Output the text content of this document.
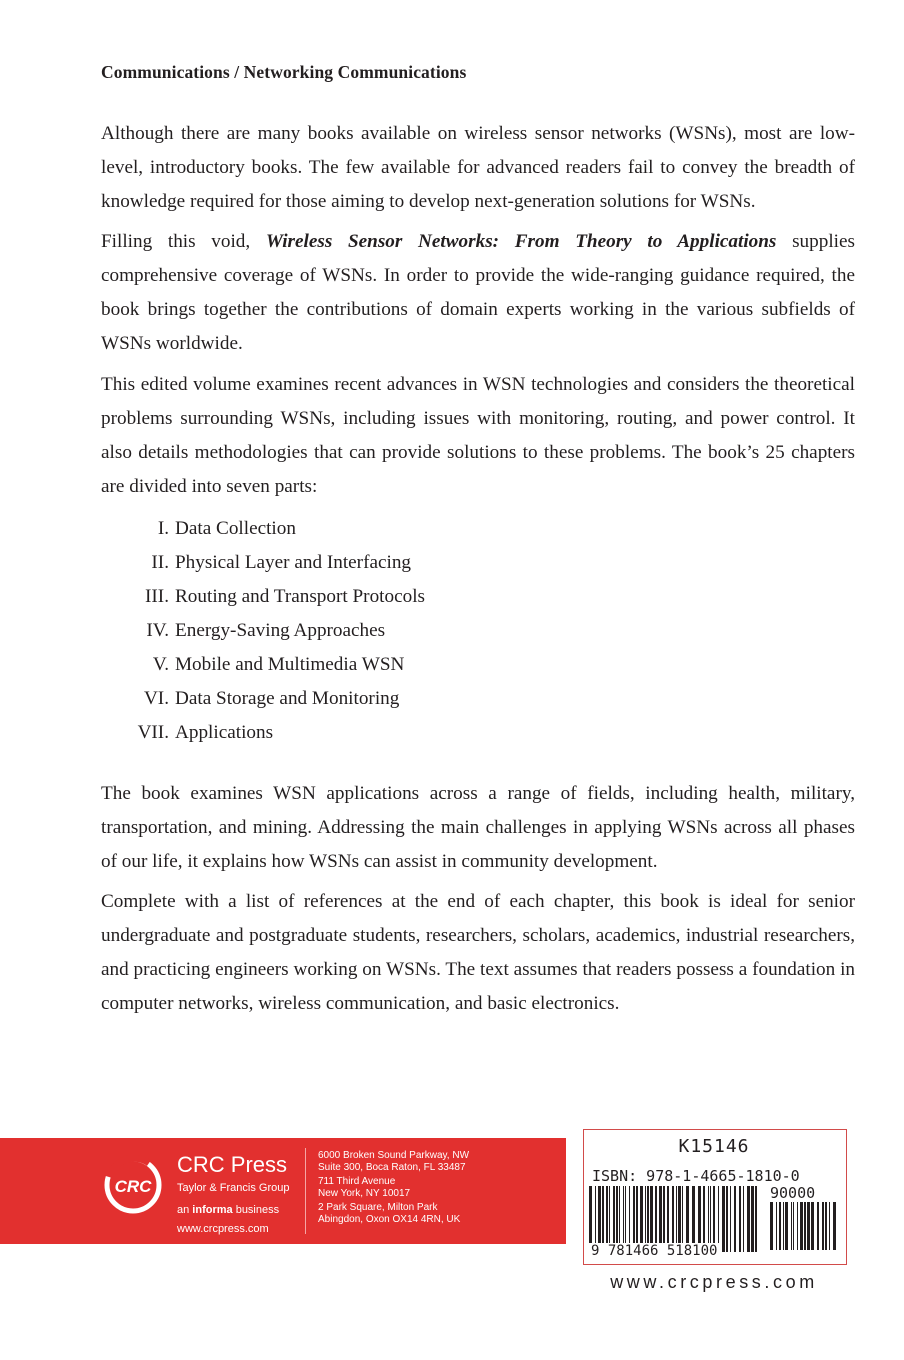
Communications / Networking Communications

Although there are many books available on wireless sensor networks (WSNs), most are low-level, introductory books. The few available for advanced readers fail to convey the breadth of knowledge required for those aiming to develop next-generation solutions for WSNs.

Filling this void, Wireless Sensor Networks: From Theory to Applications supplies comprehensive coverage of WSNs. In order to provide the wide-ranging guidance required, the book brings together the contributions of domain experts working in the various subfields of WSNs worldwide.

This edited volume examines recent advances in WSN technologies and considers the theoretical problems surrounding WSNs, including issues with monitoring, routing, and power control. It also details methodologies that can provide solutions to these problems. The book’s 25 chapters are divided into seven parts:

I. Data Collection
II. Physical Layer and Interfacing
III. Routing and Transport Protocols
IV. Energy-Saving Approaches
V. Mobile and Multimedia WSN
VI. Data Storage and Monitoring
VII. Applications

The book examines WSN applications across a range of fields, including health, military, transportation, and mining. Addressing the main challenges in applying WSNs across all phases of our life, it explains how WSNs can assist in community development.

Complete with a list of references at the end of each chapter, this book is ideal for senior undergraduate and postgraduate students, researchers, scholars, academics, industrial researchers, and practicing engineers working on WSNs. The text assumes that readers possess a foundation in computer networks, wireless communication, and basic electronics.

CRC
CRC Press
Taylor & Francis Group
an informa business
www.crcpress.com
6000 Broken Sound Parkway, NW
Suite 300, Boca Raton, FL 33487
711 Third Avenue
New York, NY 10017
2 Park Square, Milton Park
Abingdon, Oxon OX14 4RN, UK
K15146
ISBN: 978-1-4665-1810-0
90000
9 781466 518100
www.crcpress.com
